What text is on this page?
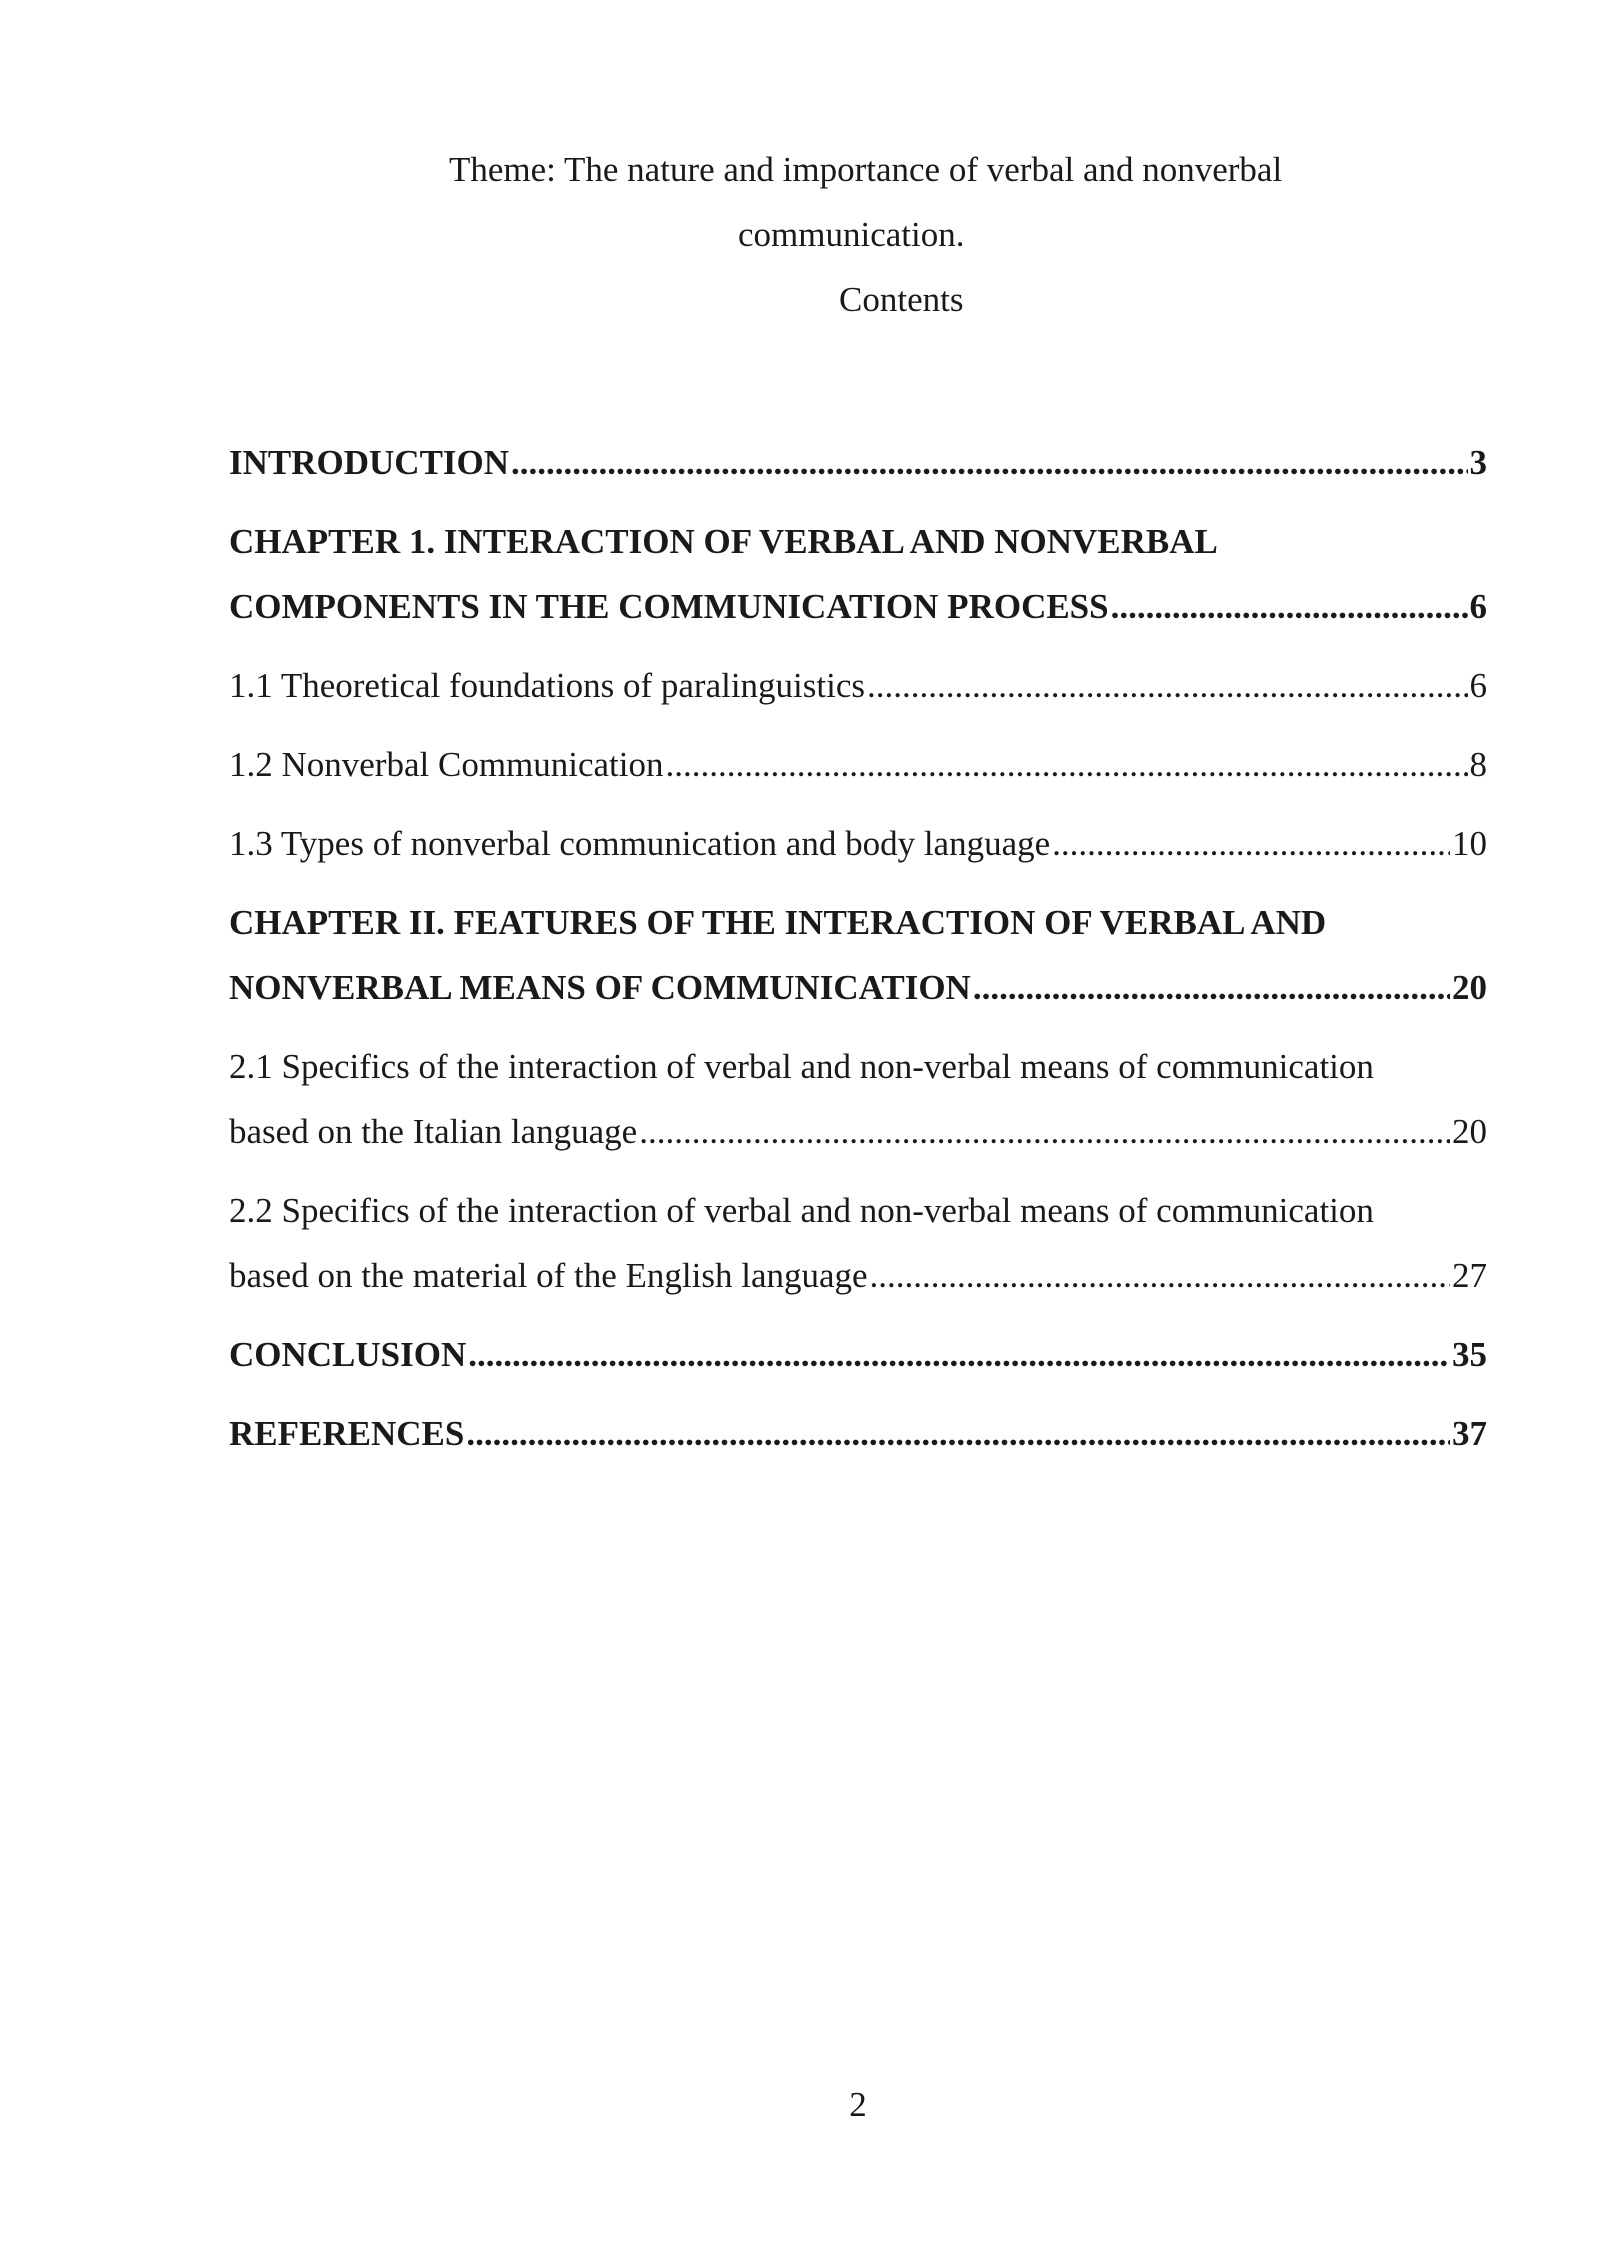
Theme: The nature and importance of verbal and nonverbal
communication.
Contents
INTRODUCTION .....	3
CHAPTER 1. INTERACTION OF VERBAL AND NONVERBAL
COMPONENTS IN THE COMMUNICATION PROCESS .....	6
1.1 Theoretical foundations of paralinguistics .....	6
1.2 Nonverbal Communication .....	8
1.3 Types of nonverbal communication and body language .....	10
CHAPTER II. FEATURES OF THE INTERACTION OF VERBAL AND
NONVERBAL MEANS OF COMMUNICATION .....	20
2.1 Specifics of the interaction of verbal and non-verbal means of communication
based on the Italian language .....	20
2.2 Specifics of the interaction of verbal and non-verbal means of communication
based on the material of the English language .....	27
CONCLUSION .....	35
REFERENCES .....	37
2
